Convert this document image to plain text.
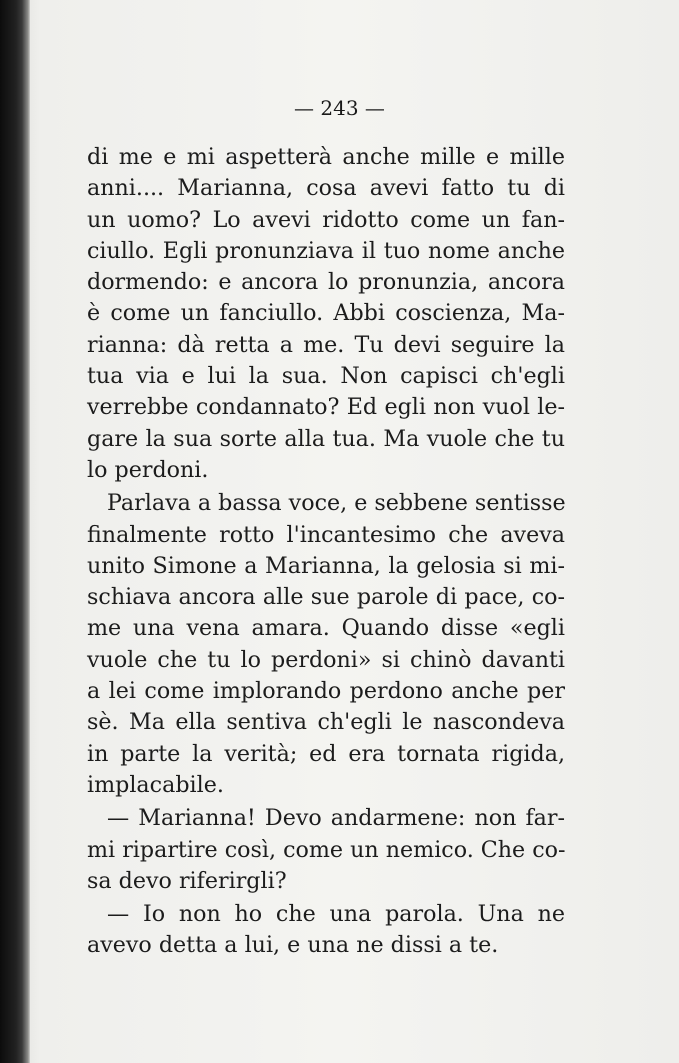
— 243 —
di me e mi aspetterà anche mille e mille
anni.... Marianna, cosa avevi fatto tu di
un uomo? Lo avevi ridotto come un fan-
ciullo. Egli pronunziava il tuo nome anche
dormendo: e ancora lo pronunzia, ancora
è come un fanciullo. Abbi coscienza, Ma-
rianna: dà retta a me. Tu devi seguire la
tua via e lui la sua. Non capisci ch'egli
verrebbe condannato? Ed egli non vuol le-
gare la sua sorte alla tua. Ma vuole che tu
lo perdoni.
Parlava a bassa voce, e sebbene sentisse
finalmente rotto l'incantesimo che aveva
unito Simone a Marianna, la gelosia si mi-
schiava ancora alle sue parole di pace, co-
me una vena amara. Quando disse «egli
vuole che tu lo perdoni» si chinò davanti
a lei come implorando perdono anche per
sè. Ma ella sentiva ch'egli le nascondeva
in parte la verità; ed era tornata rigida,
implacabile.
— Marianna! Devo andarmene: non far-
mi ripartire così, come un nemico. Che co-
sa devo riferirgli?
— Io non ho che una parola. Una ne
avevo detta a lui, e una ne dissi a te.
